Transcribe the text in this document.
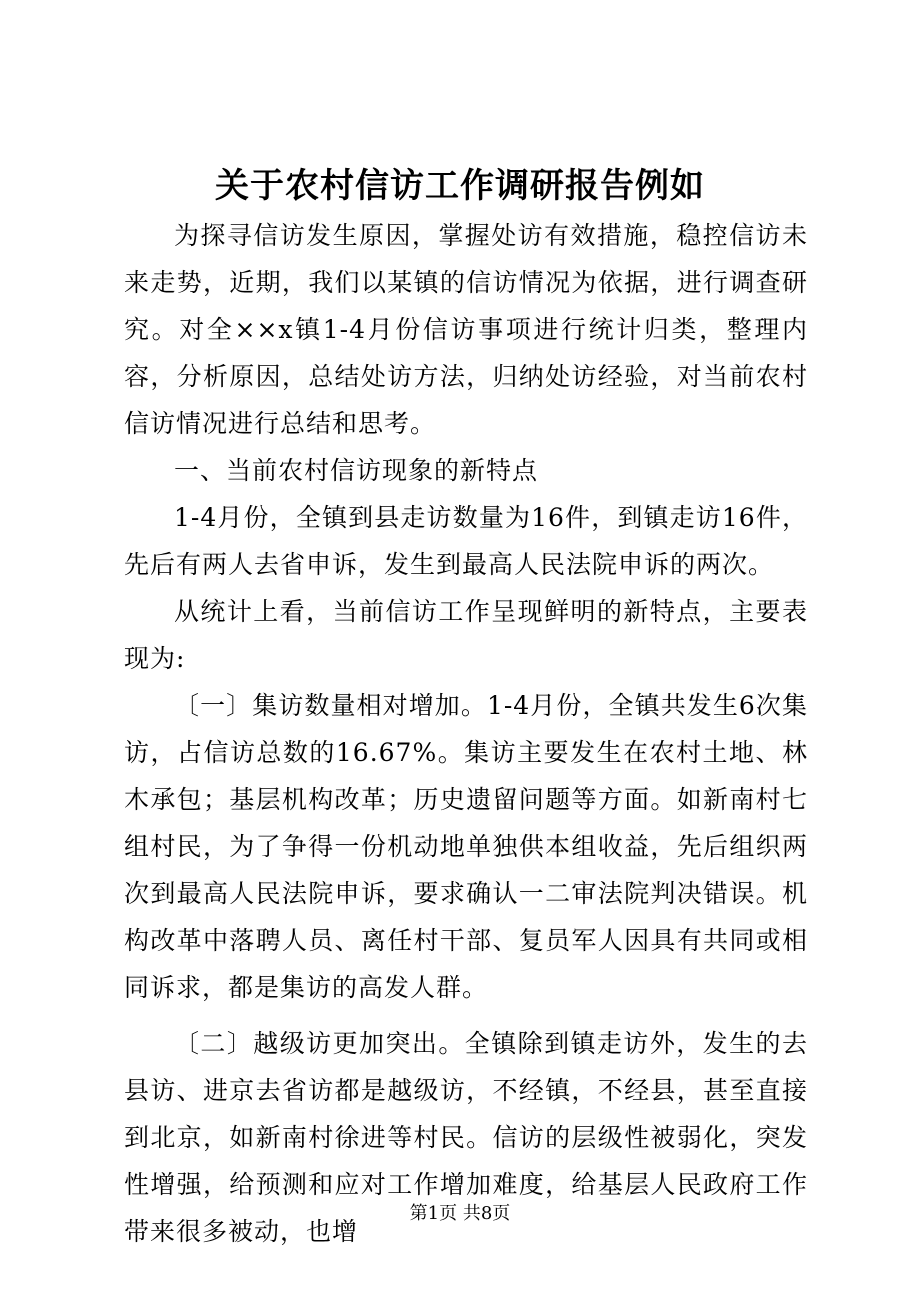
关于农村信访工作调研报告例如

为探寻信访发生原因，掌握处访有效措施，稳控信访未来走势，近期，我们以某镇的信访情况为依据，进行调查研究。对全××x镇1-4月份信访事项进行统计归类，整理内容，分析原因，总结处访方法，归纳处访经验，对当前农村信访情况进行总结和思考。

一、当前农村信访现象的新特点

1-4月份，全镇到县走访数量为16件，到镇走访16件，先后有两人去省申诉，发生到最高人民法院申诉的两次。

从统计上看，当前信访工作呈现鲜明的新特点，主要表现为:

〔一〕集访数量相对增加。1-4月份，全镇共发生6次集访，占信访总数的16.67%。集访主要发生在农村土地、林木承包；基层机构改革；历史遗留问题等方面。如新南村七组村民，为了争得一份机动地单独供本组收益，先后组织两次到最高人民法院申诉，要求确认一二审法院判决错误。机构改革中落聘人员、离任村干部、复员军人因具有共同或相同诉求，都是集访的高发人群。

〔二〕越级访更加突出。全镇除到镇走访外，发生的去县访、进京去省访都是越级访，不经镇，不经县，甚至直接到北京，如新南村徐进等村民。信访的层级性被弱化，突发性增强，给预测和应对工作增加难度，给基层人民政府工作带来很多被动，也增

第1页 共8页
